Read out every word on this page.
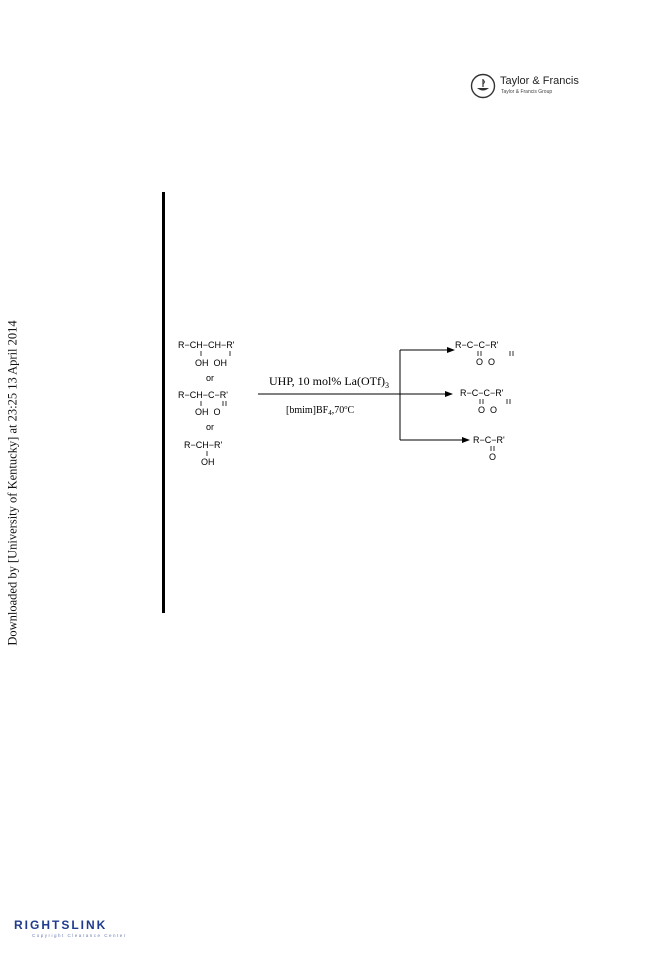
Taylor & Francis
Taylor & Francis Group
Downloaded by [University of Kentucky] at 23:25 13 April 2014	R−CH−CH−R'
OH  OH
or
R−CH−C−R'
OH  O
or
R−CH−R'
OH
UHP, 10 mol% $La(OTf)_3$
$[bmim]BF_4,70^oC$
R−C−C−R'
O  O
R−C−C−R'
O  O
R−C−R'
O
RIGHTSLINK
Copyright Clearance Center
